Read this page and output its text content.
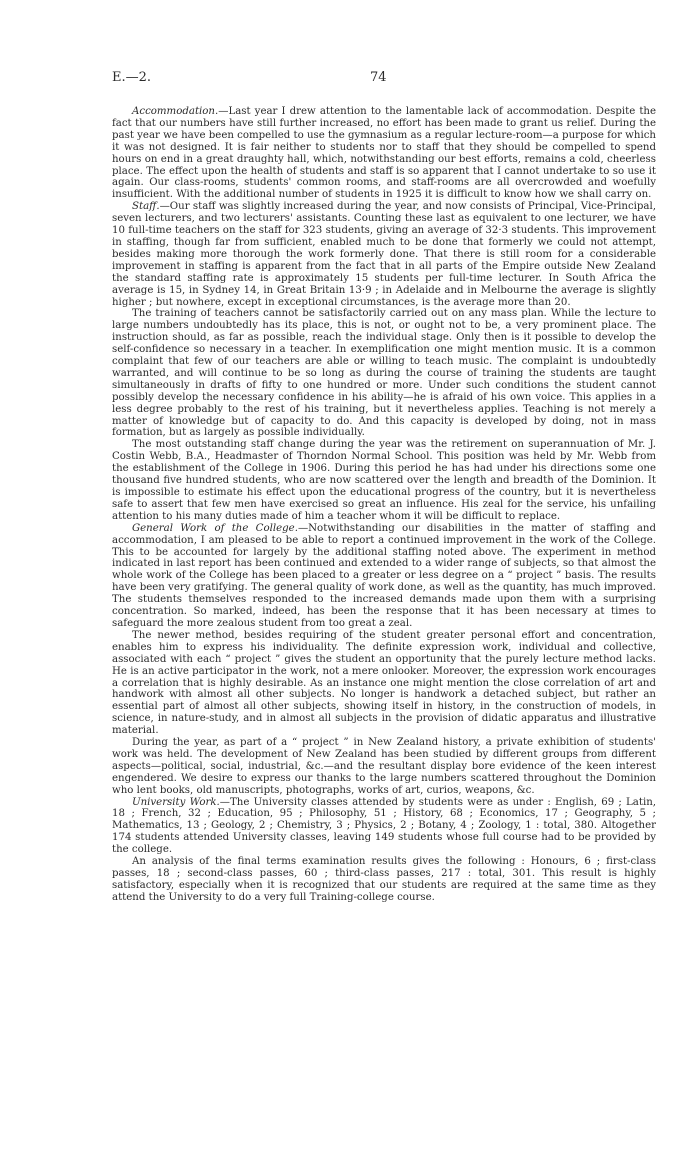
E.—2.	74

Accommodation.—Last year I drew attention to the lamentable lack of accommodation. Despite the fact that our numbers have still further increased, no effort has been made to grant us relief. During the past year we have been compelled to use the gymnasium as a regular lecture-room—a purpose for which it was not designed. It is fair neither to students nor to staff that they should be compelled to spend hours on end in a great draughty hall, which, notwithstanding our best efforts, remains a cold, cheerless place. The effect upon the health of students and staff is so apparent that I cannot undertake to so use it again. Our class-rooms, students' common rooms, and staff-rooms are all overcrowded and woefully insufficient. With the additional number of students in 1925 it is difficult to know how we shall carry on.

Staff.—Our staff was slightly increased during the year, and now consists of Principal, Vice-Principal, seven lecturers, and two lecturers' assistants. Counting these last as equivalent to one lecturer, we have 10 full-time teachers on the staff for 323 students, giving an average of 32·3 students. This improvement in staffing, though far from sufficient, enabled much to be done that formerly we could not attempt, besides making more thorough the work formerly done. That there is still room for a considerable improvement in staffing is apparent from the fact that in all parts of the Empire outside New Zealand the standard staffing rate is approximately 15 students per full-time lecturer. In South Africa the average is 15, in Sydney 14, in Great Britain 13·9 ; in Adelaide and in Melbourne the average is slightly higher ; but nowhere, except in exceptional circumstances, is the average more than 20.

The training of teachers cannot be satisfactorily carried out on any mass plan. While the lecture to large numbers undoubtedly has its place, this is not, or ought not to be, a very prominent place. The instruction should, as far as possible, reach the individual stage. Only then is it possible to develop the self-confidence so necessary in a teacher. In exemplification one might mention music. It is a common complaint that few of our teachers are able or willing to teach music. The complaint is undoubtedly warranted, and will continue to be so long as during the course of training the students are taught simultaneously in drafts of fifty to one hundred or more. Under such conditions the student cannot possibly develop the necessary confidence in his ability—he is afraid of his own voice. This applies in a less degree probably to the rest of his training, but it nevertheless applies. Teaching is not merely a matter of knowledge but of capacity to do. And this capacity is developed by doing, not in mass formation, but as largely as possible individually.

The most outstanding staff change during the year was the retirement on superannuation of Mr. J. Costin Webb, B.A., Headmaster of Thorndon Normal School. This position was held by Mr. Webb from the establishment of the College in 1906. During this period he has had under his directions some one thousand five hundred students, who are now scattered over the length and breadth of the Dominion. It is impossible to estimate his effect upon the educational progress of the country, but it is nevertheless safe to assert that few men have exercised so great an influence. His zeal for the service, his unfailing attention to his many duties made of him a teacher whom it will be difficult to replace.

General Work of the College.—Notwithstanding our disabilities in the matter of staffing and accommodation, I am pleased to be able to report a continued improvement in the work of the College. This to be accounted for largely by the additional staffing noted above. The experiment in method indicated in last report has been continued and extended to a wider range of subjects, so that almost the whole work of the College has been placed to a greater or less degree on a “ project ” basis. The results have been very gratifying. The general quality of work done, as well as the quantity, has much improved. The students themselves responded to the increased demands made upon them with a surprising concentration. So marked, indeed, has been the response that it has been necessary at times to safeguard the more zealous student from too great a zeal.

The newer method, besides requiring of the student greater personal effort and concentration, enables him to express his individuality. The definite expression work, individual and collective, associated with each “ project ” gives the student an opportunity that the purely lecture method lacks. He is an active participator in the work, not a mere onlooker. Moreover, the expression work encourages a correlation that is highly desirable. As an instance one might mention the close correlation of art and handwork with almost all other subjects. No longer is handwork a detached subject, but rather an essential part of almost all other subjects, showing itself in history, in the construction of models, in science, in nature-study, and in almost all subjects in the provision of didatic apparatus and illustrative material.

During the year, as part of a “ project ” in New Zealand history, a private exhibition of students' work was held. The development of New Zealand has been studied by different groups from different aspects—political, social, industrial, &c.—and the resultant display bore evidence of the keen interest engendered. We desire to express our thanks to the large numbers scattered throughout the Dominion who lent books, old manuscripts, photographs, works of art, curios, weapons, &c.

University Work.—The University classes attended by students were as under : English, 69 ; Latin, 18 ; French, 32 ; Education, 95 ; Philosophy, 51 ; History, 68 ; Economics, 17 ; Geography, 5 ; Mathematics, 13 ; Geology, 2 ; Chemistry, 3 ; Physics, 2 ; Botany, 4 ; Zoology, 1 : total, 380. Altogether 174 students attended University classes, leaving 149 students whose full course had to be provided by the college.

An analysis of the final terms examination results gives the following : Honours, 6 ; first-class passes, 18 ; second-class passes, 60 ; third-class passes, 217 : total, 301. This result is highly satisfactory, especially when it is recognized that our students are required at the same time as they attend the University to do a very full Training-college course.
